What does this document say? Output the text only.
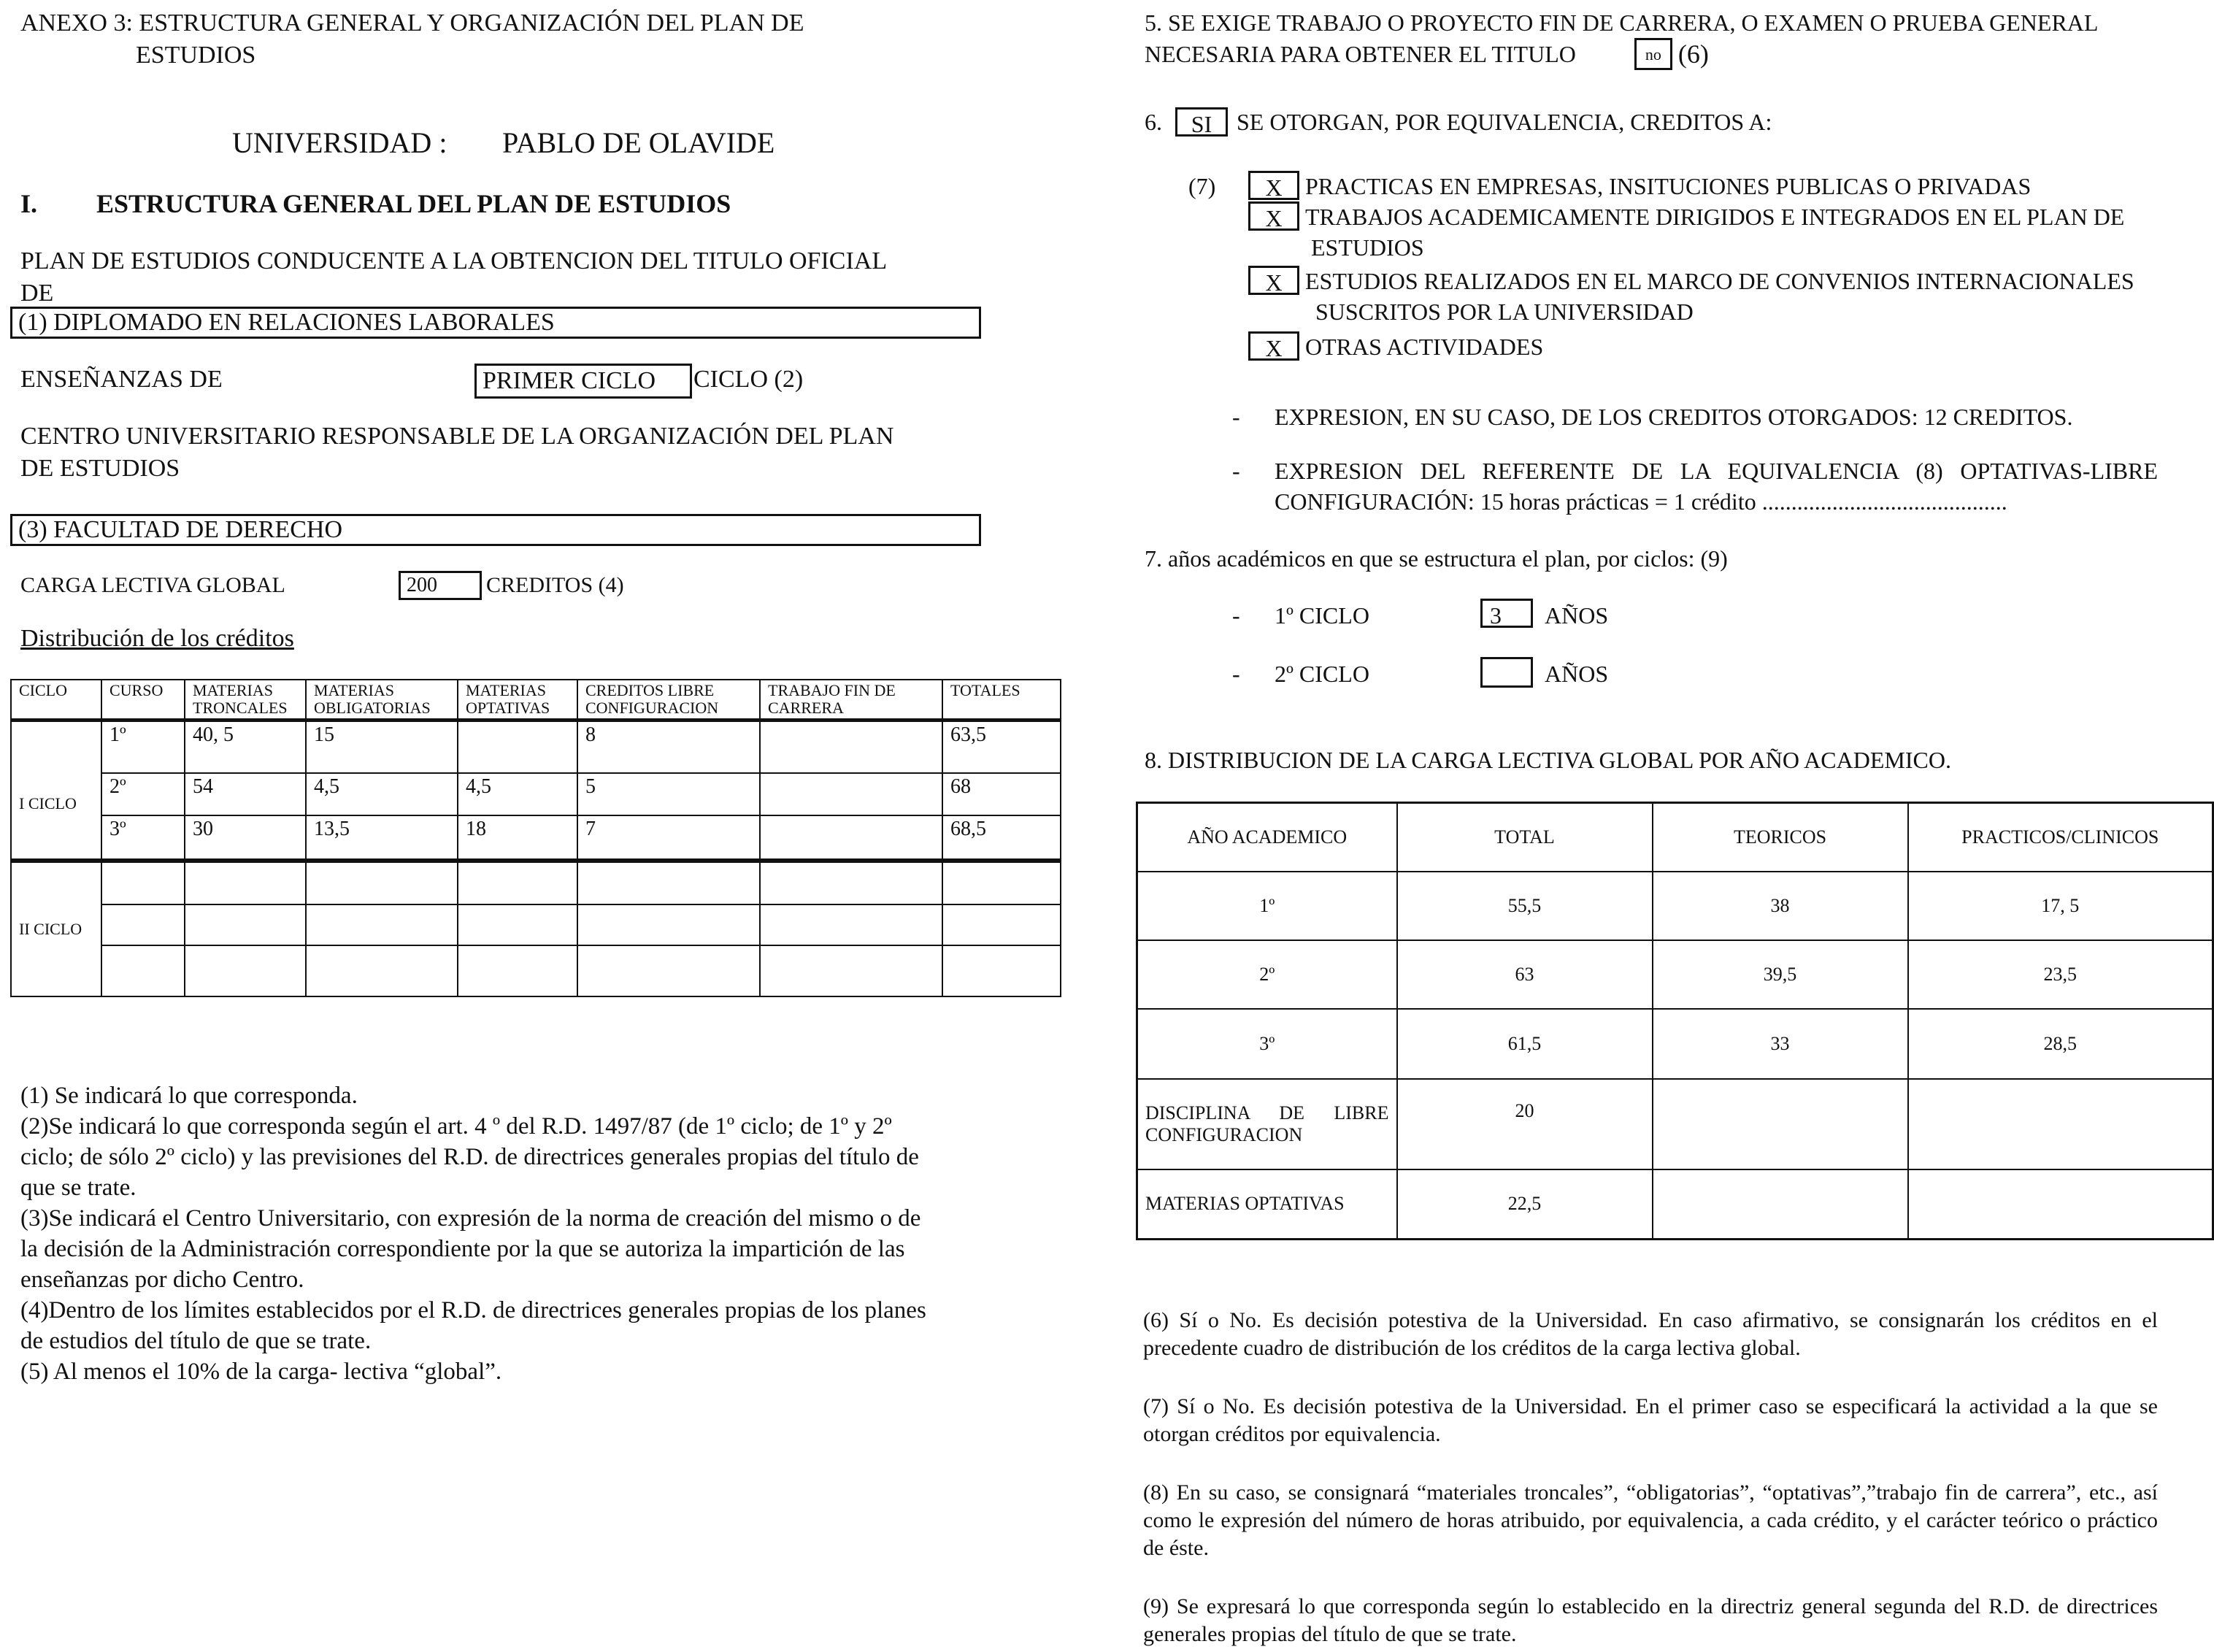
ANEXO 3: ESTRUCTURA GENERAL Y ORGANIZACIÓN DEL PLAN DE
ESTUDIOS
UNIVERSIDAD : PABLO DE OLAVIDE
I. ESTRUCTURA GENERAL DEL PLAN DE ESTUDIOS
PLAN DE ESTUDIOS CONDUCENTE A LA OBTENCION DEL TITULO OFICIAL
DE
(1) DIPLOMADO EN RELACIONES LABORALES
ENSEÑANZAS DE	PRIMER CICLO	CICLO (2)
CENTRO UNIVERSITARIO RESPONSABLE DE LA ORGANIZACIÓN DEL PLAN
DE ESTUDIOS
(3) FACULTAD DE DERECHO
CARGA LECTIVA GLOBAL	200	CREDITOS (4)
Distribución de los créditos
CICLO	CURSO	MATERIAS TRONCALES	MATERIAS OBLIGATORIAS	MATERIAS OPTATIVAS	CREDITOS LIBRE CONFIGURACION	TRABAJO FIN DE CARRERA	TOTALES
I CICLO	1º	40, 5	15		8		63,5
	2º	54	4,5	4,5	5		68
	3º	30	13,5	18	7		68,5
II CICLO							

(1) Se indicará lo que corresponda.
(2)Se indicará lo que corresponda según el art. 4 º del R.D. 1497/87 (de 1º ciclo; de 1º y 2º ciclo; de sólo 2º ciclo) y las previsiones del R.D. de directrices generales propias del título de que se trate.
(3)Se indicará el Centro Universitario, con expresión de la norma de creación del mismo o de la decisión de la Administración correspondiente por la que se autoriza la impartición de las enseñanzas por dicho Centro.
(4)Dentro de los límites establecidos por el R.D. de directrices generales propias de los planes de estudios del título de que se trate.
(5) Al menos el 10% de la carga- lectiva “global”.
5. SE EXIGE TRABAJO O PROYECTO FIN DE CARRERA, O EXAMEN O PRUEBA GENERAL
NECESARIA PARA OBTENER EL TITULO	no (6)
6.	SI	SE OTORGAN, POR EQUIVALENCIA, CREDITOS A:
(7)	X PRACTICAS EN EMPRESAS, INSITUCIONES PUBLICAS O PRIVADAS
X TRABAJOS ACADEMICAMENTE DIRIGIDOS E INTEGRADOS EN EL PLAN DE
ESTUDIOS
X ESTUDIOS REALIZADOS EN EL MARCO DE CONVENIOS INTERNACIONALES
SUSCRITOS POR LA UNIVERSIDAD
X OTRAS ACTIVIDADES
- EXPRESION, EN SU CASO, DE LOS CREDITOS OTORGADOS: 12 CREDITOS.
- EXPRESION DEL REFERENTE DE LA EQUIVALENCIA (8) OPTATIVAS-LIBRE
CONFIGURACIÓN: 15 horas prácticas = 1 crédito ..........................................
7. años académicos en que se estructura el plan, por ciclos: (9)
- 1º CICLO	3	AÑOS
- 2º CICLO	AÑOS
8. DISTRIBUCION DE LA CARGA LECTIVA GLOBAL POR AÑO ACADEMICO.
AÑO ACADEMICO	TOTAL	TEORICOS	PRACTICOS/CLINICOS
1º	55,5	38	17, 5
2º	63	39,5	23,5
3º	61,5	33	28,5
DISCIPLINA DE LIBRE CONFIGURACION	20		
MATERIAS OPTATIVAS	22,5		
(6) Sí o No. Es decisión potestiva de la Universidad. En caso afirmativo, se consignarán los créditos en el precedente cuadro de distribución de los créditos de la carga lectiva global.
(7) Sí o No. Es decisión potestiva de la Universidad. En el primer caso se especificará la actividad a la que se otorgan créditos por equivalencia.
(8) En su caso, se consignará “materiales troncales”, “obligatorias”, “optativas”,”trabajo fin de carrera”, etc., así como le expresión del número de horas atribuido, por equivalencia, a cada crédito, y el carácter teórico o práctico de éste.
(9) Se expresará lo que corresponda según lo establecido en la directriz general segunda del R.D. de directrices generales propias del título de que se trate.
